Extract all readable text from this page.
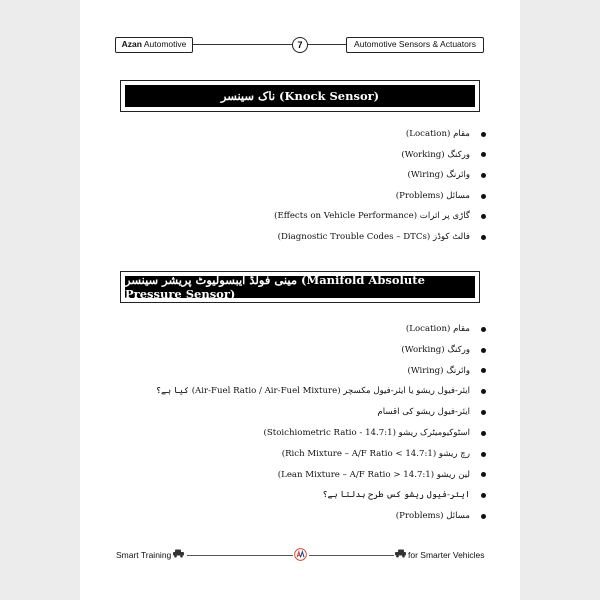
Azan Automotive	7	Automotive Sensors & Actuators
ناک سینسر (Knock Sensor)
مقام (Location)
ورکنگ (Working)
وائرنگ (Wiring)
مسائل (Problems)
گاڑی پر اثرات (Effects on Vehicle Performance)
فالٹ کوڈز (Diagnostic Trouble Codes – DTCs)
مینی فولڈ ایبسولیوٹ پریشر سینسر (Manifold Absolute Pressure Sensor)
مقام (Location)
ورکنگ (Working)
وائرنگ (Wiring)
ایئر-فیول ریشو یا ایئر-فیول مکسچر (Air-Fuel Ratio / Air-Fuel Mixture) کیا ہے؟
ایئر-فیول ریشو کی اقسام
اسٹوکیومیٹرک ریشو (Stoichiometric Ratio - 14.7:1)
رچ ریشو (Rich Mixture – A/F Ratio < 14.7:1)
لین ریشو (Lean Mixture – A/F Ratio > 14.7:1)
ایئر-فیول ریشو کس طرح بدلتا ہے؟
مسائل (Problems)
Smart Training	for Smarter Vehicles
